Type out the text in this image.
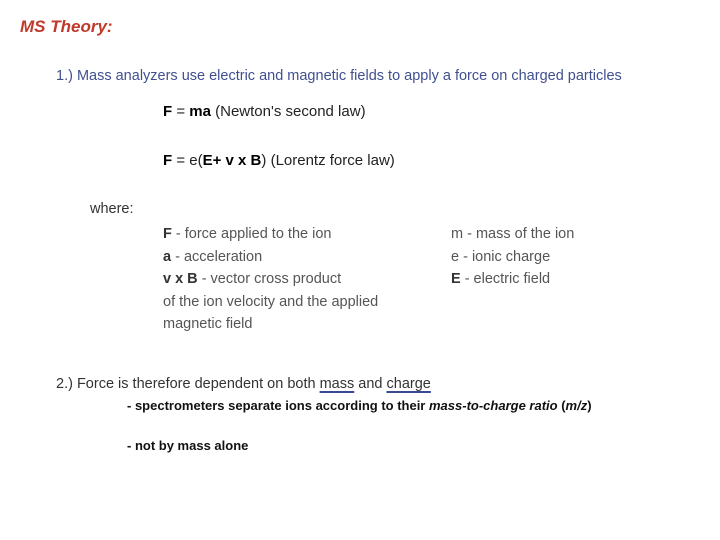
MS Theory:
1.) Mass analyzers use electric and magnetic fields to apply a force on charged particles
F = ma (Newton's second law)
F = e(E+ v x B) (Lorentz force law)
where:
F - force applied to the ion
a - acceleration
v x B - vector cross product
of the ion velocity and the applied
magnetic field
m - mass of the ion
e - ionic charge
E - electric field
2.) Force is therefore dependent on both mass and charge
- spectrometers separate ions according to their mass-to-charge ratio (m/z)
- not by mass alone
